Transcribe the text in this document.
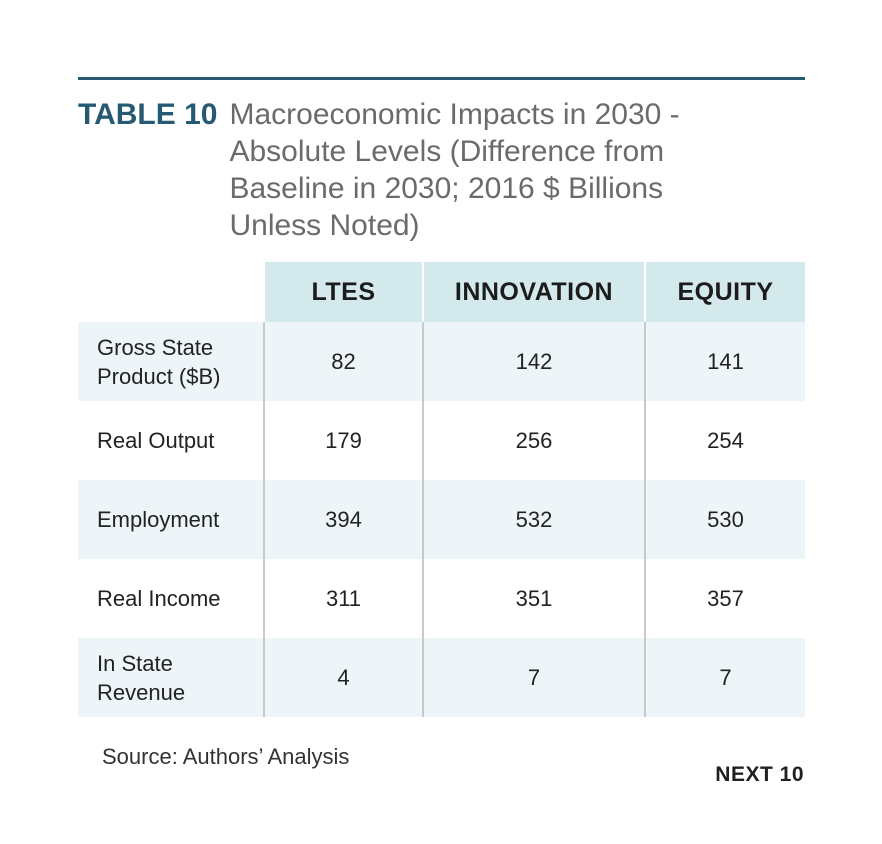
TABLE 10 Macroeconomic Impacts in 2030 - Absolute Levels (Difference from Baseline in 2030; 2016 $ Billions Unless Noted)
	LTES	INNOVATION	EQUITY
Gross State Product ($B)	82	142	141
Real Output	179	256	254
Employment	394	532	530
Real Income	311	351	357
In State Revenue	4	7	7
Source: Authors’ Analysis
NEXT 10
